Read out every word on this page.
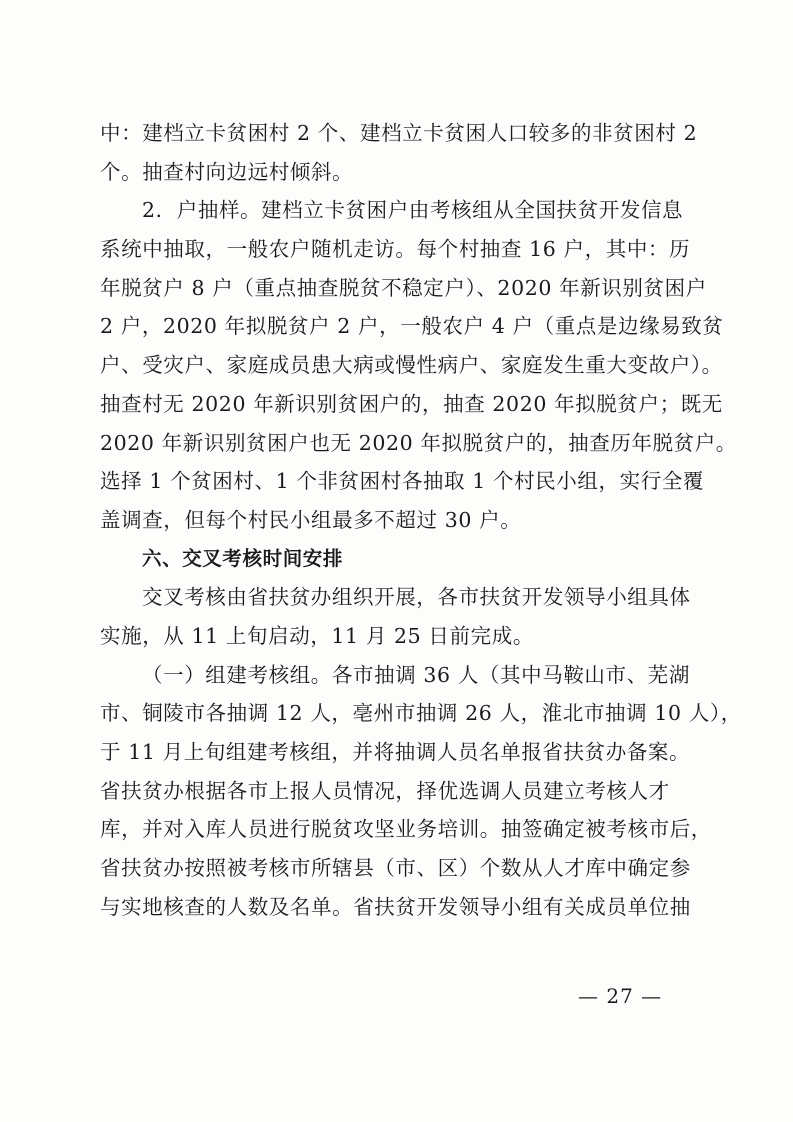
中：建档立卡贫困村 2 个、建档立卡贫困人口较多的非贫困村 2
个。抽查村向边远村倾斜。
2．户抽样。建档立卡贫困户由考核组从全国扶贫开发信息
系统中抽取，一般农户随机走访。每个村抽查 16 户，其中：历
年脱贫户 8 户（重点抽查脱贫不稳定户）、2020 年新识别贫困户
2 户，2020 年拟脱贫户 2 户，一般农户 4 户（重点是边缘易致贫
户、受灾户、家庭成员患大病或慢性病户、家庭发生重大变故户）。
抽查村无 2020 年新识别贫困户的，抽查 2020 年拟脱贫户；既无
2020 年新识别贫困户也无 2020 年拟脱贫户的，抽查历年脱贫户。
选择 1 个贫困村、1 个非贫困村各抽取 1 个村民小组，实行全覆
盖调查，但每个村民小组最多不超过 30 户。
六、交叉考核时间安排
交叉考核由省扶贫办组织开展，各市扶贫开发领导小组具体
实施，从 11 上旬启动，11 月 25 日前完成。
（一）组建考核组。各市抽调 36 人（其中马鞍山市、芜湖
市、铜陵市各抽调 12 人，亳州市抽调 26 人，淮北市抽调 10 人），
于 11 月上旬组建考核组，并将抽调人员名单报省扶贫办备案。
省扶贫办根据各市上报人员情况，择优选调人员建立考核人才
库，并对入库人员进行脱贫攻坚业务培训。抽签确定被考核市后，
省扶贫办按照被考核市所辖县（市、区）个数从人才库中确定参
与实地核查的人数及名单。省扶贫开发领导小组有关成员单位抽
— 27 —
